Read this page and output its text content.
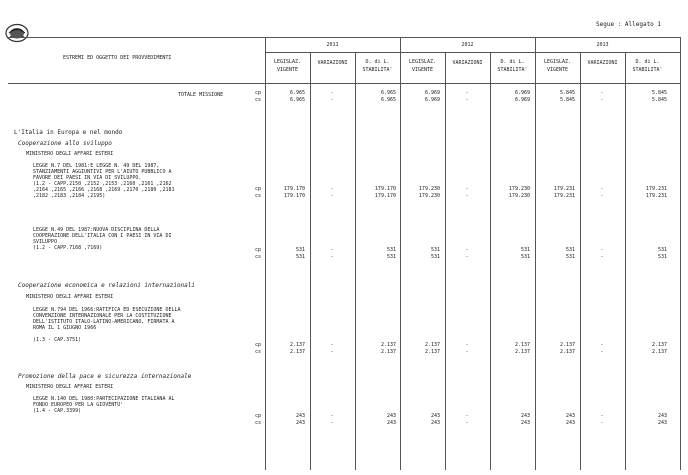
Segue : Allegato 1
ESTREMI ED OGGETTO DEI PROVVEDIMENTI
2011	2012	2013
LEGISLAZ.
VIGENTE
VARIAZIONI	D. di L.
STABILITA'
LEGISLAZ.
VIGENTE
VARIAZIONI	D. di L.
STABILITA'
LEGISLAZ.
VIGENTE
VARIAZIONI	D. di L.
STABILITA'
TOTALE MISSIONE	cp	6.965	-	6.965	6.969	-	6.969	5.845	-	5.845
cs	6.965	-	6.965	6.969	-	6.969	5.845	-	5.845
L'Italia in Europa e nel mondo
Cooperazione allo sviluppo
MINISTERO DEGLI AFFARI ESTERI
LEGGE N.7 DEL 1981:E LEGGE N. 49 DEL 1987,
STANZIAMENTI AGGIUNTIVI PER L'AIUTO PUBBLICO A
FAVORE DEI PAESI IN VIA DI SVILUPPO.
(1.2 - CAPP.2150 ,2152 ,2153 ,2160 ,2161 ,2162
,2164 ,2165 ,2166 ,2168 ,2169 ,2170 ,2180 ,2181
,2182 ,2183 ,2184 ,2195)
cp	179.170	-	179.170	179.230	-	179.230	179.231	-	179.231
cs	179.170	-	179.170	179.230	-	179.230	179.231	-	179.231
LEGGE N.49 DEL 1987:NUOVA DISCIPLINA DELLA
COOPERAZIONE DELL'ITALIA CON I PAESI IN VIA DI
SVILUPPO
(1.2 - CAPP.7168 ,7169)	cp	531	-	531	531	-	531	531	-	531
cs	531	-	531	531	-	531	531	-	531
Cooperazione economica e relazioni internazionali
MINISTERO DEGLI AFFARI ESTERI
LEGGE N.794 DEL 1966:RATIFICA ED ESECUZIONE DELLA
CONVENZIONE INTERNAZIONALE PER LA COSTITUZIONE
DELL'ISTITUTO ITALO-LATINO-AMERICANO, FIRMATA A
ROMA IL 1 GIUGNO 1966

(1.3 - CAP.3751)
cp	2.137	-	2.137	2.137	-	2.137	2.137	-	2.137
cs	2.137	-	2.137	2.137	-	2.137	2.137	-	2.137
Promozione della pace e sicurezza internazionale
MINISTERO DEGLI AFFARI ESTERI
LEGGE N.140 DEL 1980:PARTECIPAZIONE ITALIANA AL
FONDO EUROPEO PER LA GIOVENTU'
(1.4 - CAP.3399)
cp	243	-	243	243	-	243	243	-	243
cs	243	-	243	243	-	243	243	-	243
